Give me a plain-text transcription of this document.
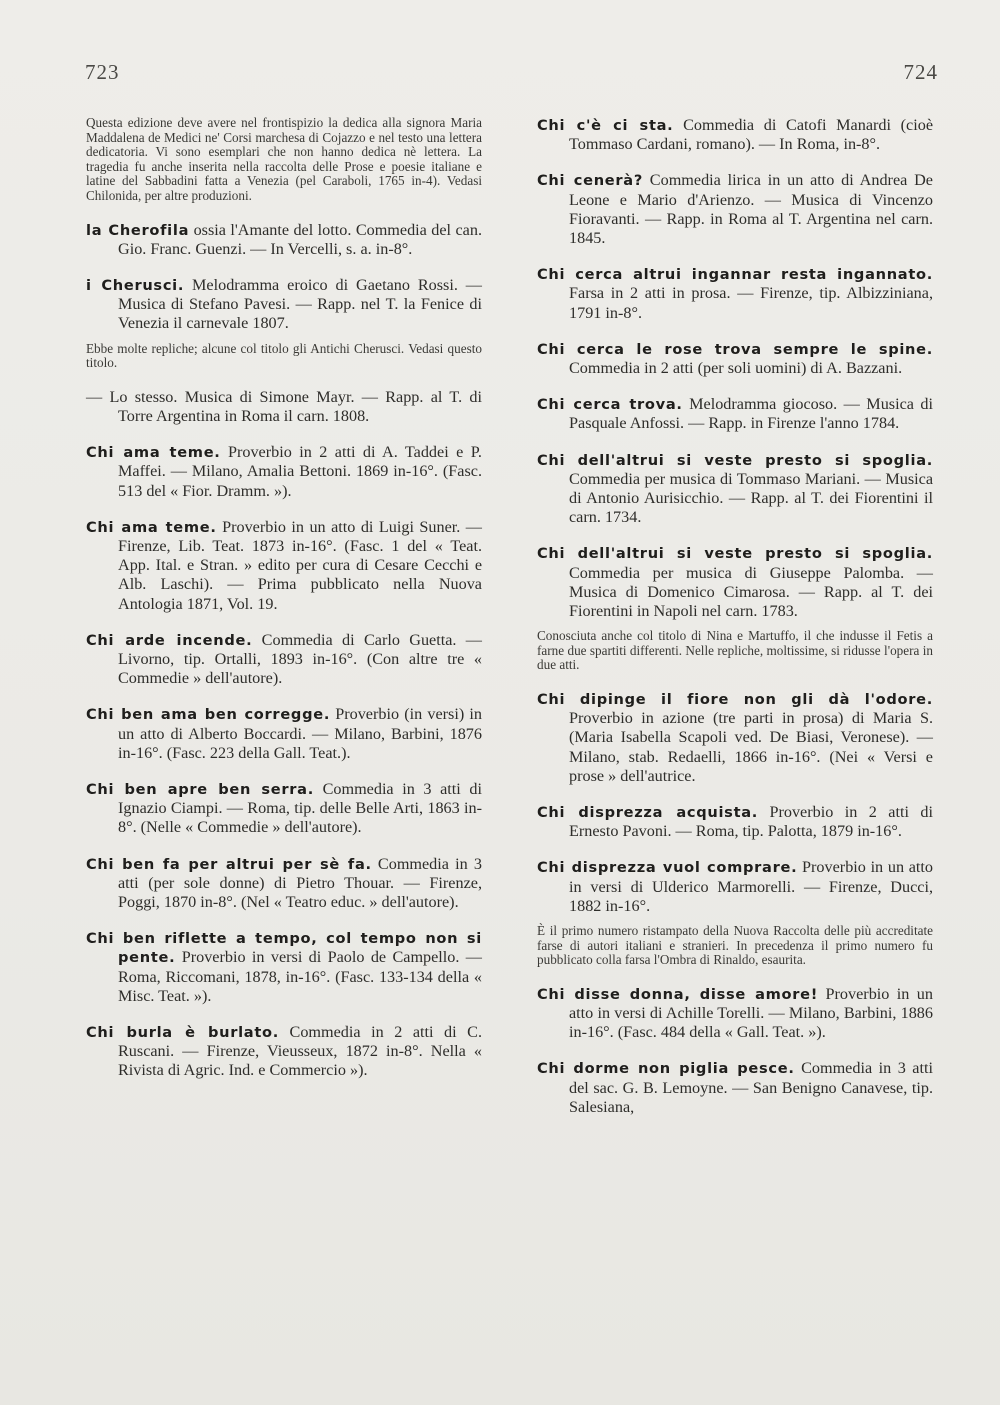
723	724
Questa edizione deve avere nel frontispizio la dedica alla signora Maria Maddalena de Medici ne' Corsi marchesa di Cojazzo e nel testo una lettera dedicatoria. Vi sono esemplari che non hanno dedica nè lettera. La tragedia fu anche inserita nella raccolta delle Prose e poesie italiane e latine del Sabbadini fatta a Venezia (pel Caraboli, 1765 in-4). Vedasi Chilonida, per altre produzioni.
la Cherofila ossia l'Amante del lotto. Commedia del can. Gio. Franc. Guenzi. — In Vercelli, s. a. in-8°.
i Cherusci. Melodramma eroico di Gaetano Rossi. — Musica di Stefano Pavesi. — Rapp. nel T. la Fenice di Venezia il carnevale 1807.
Ebbe molte repliche; alcune col titolo gli Antichi Cherusci. Vedasi questo titolo.
— Lo stesso. Musica di Simone Mayr. — Rapp. al T. di Torre Argentina in Roma il carn. 1808.
Chi ama teme. Proverbio in 2 atti di A. Taddei e P. Maffei. — Milano, Amalia Bettoni. 1869 in-16°. (Fasc. 513 del « Fior. Dramm. »).
Chi ama teme. Proverbio in un atto di Luigi Suner. — Firenze, Lib. Teat. 1873 in-16°. (Fasc. 1 del « Teat. App. Ital. e Stran. » edito per cura di Cesare Cecchi e Alb. Laschi). — Prima pubblicato nella Nuova Antologia 1871, Vol. 19.
Chi arde incende. Commedia di Carlo Guetta. — Livorno, tip. Ortalli, 1893 in-16°. (Con altre tre « Commedie » dell'autore).
Chi ben ama ben corregge. Proverbio (in versi) in un atto di Alberto Boccardi. — Milano, Barbini, 1876 in-16°. (Fasc. 223 della Gall. Teat.).
Chi ben apre ben serra. Commedia in 3 atti di Ignazio Ciampi. — Roma, tip. delle Belle Arti, 1863 in-8°. (Nelle « Commedie » dell'autore).
Chi ben fa per altrui per sè fa. Commedia in 3 atti (per sole donne) di Pietro Thouar. — Firenze, Poggi, 1870 in-8°. (Nel « Teatro educ. » dell'autore).
Chi ben riflette a tempo, col tempo non si pente. Proverbio in versi di Paolo de Campello. — Roma, Riccomani, 1878, in-16°. (Fasc. 133-134 della « Misc. Teat. »).
Chi burla è burlato. Commedia in 2 atti di C. Ruscani. — Firenze, Vieusseux, 1872 in-8°. Nella « Rivista di Agric. Ind. e Commercio »).
Chi c'è ci sta. Commedia di Catofi Manardi (cioè Tommaso Cardani, romano). — In Roma, in-8°.
Chi cenerà? Commedia lirica in un atto di Andrea De Leone e Mario d'Arienzo. — Musica di Vincenzo Fioravanti. — Rapp. in Roma al T. Argentina nel carn. 1845.
Chi cerca altrui ingannar resta ingannato. Farsa in 2 atti in prosa. — Firenze, tip. Albizziniana, 1791 in-8°.
Chi cerca le rose trova sempre le spine. Commedia in 2 atti (per soli uomini) di A. Bazzani.
Chi cerca trova. Melodramma giocoso. — Musica di Pasquale Anfossi. — Rapp. in Firenze l'anno 1784.
Chi dell'altrui si veste presto si spoglia. Commedia per musica di Tommaso Mariani. — Musica di Antonio Aurisicchio. — Rapp. al T. dei Fiorentini il carn. 1734.
Chi dell'altrui si veste presto si spoglia. Commedia per musica di Giuseppe Palomba. — Musica di Domenico Cimarosa. — Rapp. al T. dei Fiorentini in Napoli nel carn. 1783.
Conosciuta anche col titolo di Nina e Martuffo, il che indusse il Fetis a farne due spartiti differenti. Nelle repliche, moltissime, si ridusse l'opera in due atti.
Chi dipinge il fiore non gli dà l'odore. Proverbio in azione (tre parti in prosa) di Maria S. (Maria Isabella Scapoli ved. De Biasi, Veronese). — Milano, stab. Redaelli, 1866 in-16°. (Nei « Versi e prose » dell'autrice.
Chi disprezza acquista. Proverbio in 2 atti di Ernesto Pavoni. — Roma, tip. Palotta, 1879 in-16°.
Chi disprezza vuol comprare. Proverbio in un atto in versi di Ulderico Marmorelli. — Firenze, Ducci, 1882 in-16°.
È il primo numero ristampato della Nuova Raccolta delle più accreditate farse di autori italiani e stranieri. In precedenza il primo numero fu pubblicato colla farsa l'Ombra di Rinaldo, esaurita.
Chi disse donna, disse amore! Proverbio in un atto in versi di Achille Torelli. — Milano, Barbini, 1886 in-16°. (Fasc. 484 della « Gall. Teat. »).
Chi dorme non piglia pesce. Commedia in 3 atti del sac. G. B. Lemoyne. — San Benigno Canavese, tip. Salesiana,
